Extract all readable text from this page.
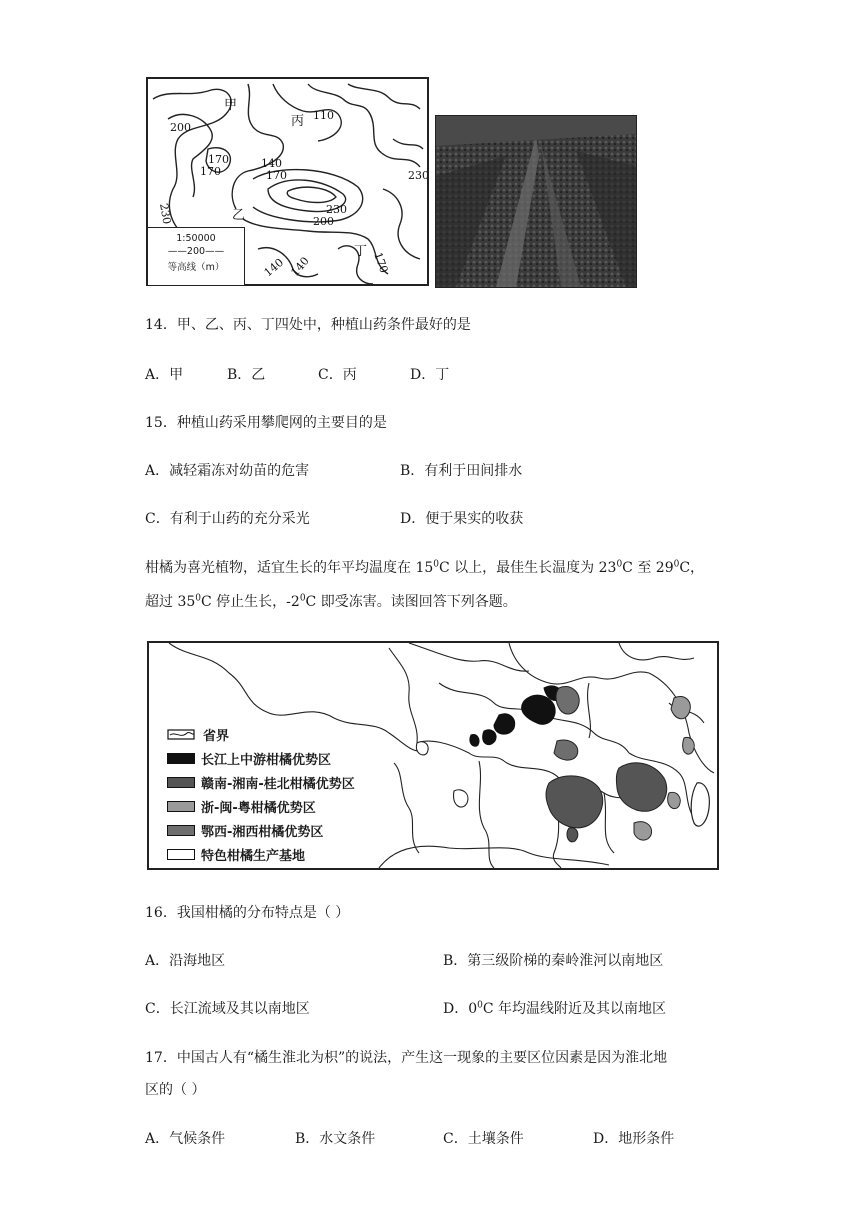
甲
乙
丙
丁
200
170
170
140
110
170	230
230
200
230
170
140 140
1:50000
——200——
等高线（m）
14．甲、乙、丙、丁四处中，种植山药条件最好的是
A．甲	B．乙	C．丙	D．丁
15．种植山药采用攀爬网的主要目的是
A．减轻霜冻对幼苗的危害	B．有利于田间排水
C．有利于山药的充分采光	D．便于果实的收获
柑橘为喜光植物，适宜生长的年平均温度在 $15^0C$ 以上，最佳生长温度为 $23^0C$ 至 $29^0C$，
超过 $35^0C$ 停止生长，$-2^0C$ 即受冻害。读图回答下列各题。
省界
长江上中游柑橘优势区
赣南-湘南-桂北柑橘优势区
浙-闽-粤柑橘优势区
鄂西-湘西柑橘优势区
特色柑橘生产基地
16．我国柑橘的分布特点是（ ）
A．沿海地区	B．第三级阶梯的秦岭淮河以南地区
C．长江流域及其以南地区	D．$0^0C$ 年均温线附近及其以南地区
17．中国古人有“橘生淮北为枳”的说法，产生这一现象的主要区位因素是因为淮北地
区的（ ）
A．气候条件	B．水文条件	C．土壤条件	D．地形条件
